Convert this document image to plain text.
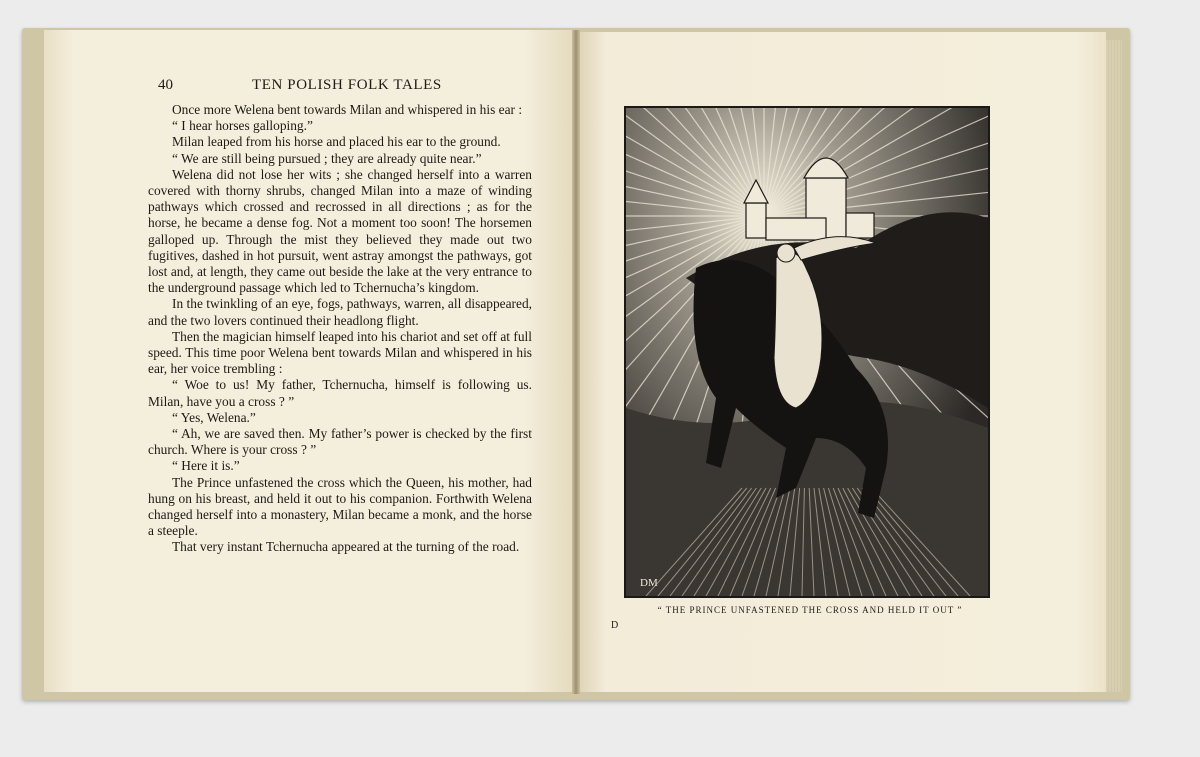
40	TEN POLISH FOLK TALES

Once more Welena bent towards Milan and whispered in his ear :

“ I hear horses galloping.”

Milan leaped from his horse and placed his ear to the ground.

“ We are still being pursued ; they are already quite near.”

Welena did not lose her wits ; she changed herself into a warren covered with thorny shrubs, changed Milan into a maze of winding pathways which crossed and recrossed in all directions ; as for the horse, he became a dense fog. Not a moment too soon! The horsemen galloped up. Through the mist they believed they made out two fugitives, dashed in hot pursuit, went astray amongst the pathways, got lost and, at length, they came out beside the lake at the very entrance to the underground passage which led to Tchernucha’s kingdom.

In the twinkling of an eye, fogs, pathways, warren, all disappeared, and the two lovers continued their headlong flight.

Then the magician himself leaped into his chariot and set off at full speed. This time poor Welena bent towards Milan and whispered in his ear, her voice trembling :

“ Woe to us! My father, Tchernucha, himself is following us. Milan, have you a cross ? ”

“ Yes, Welena.”

“ Ah, we are saved then. My father’s power is checked by the first church. Where is your cross ? ”

“ Here it is.”

The Prince unfastened the cross which the Queen, his mother, had hung on his breast, and held it out to his companion. Forthwith Welena changed herself into a monastery, Milan became a monk, and the horse a steeple.

That very instant Tchernucha appeared at the turning of the road.

DM
“ THE PRINCE UNFASTENED THE CROSS AND HELD IT OUT ”
D
